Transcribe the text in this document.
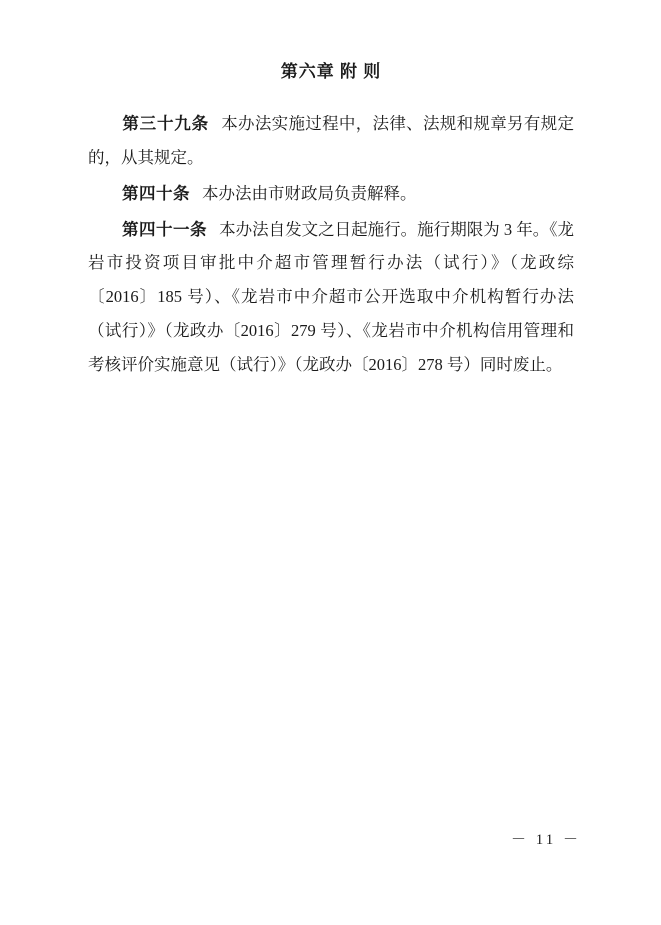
第六章 附 则

第三十九条 本办法实施过程中，法律、法规和规章另有规定的，从其规定。

第四十条 本办法由市财政局负责解释。

第四十一条 本办法自发文之日起施行。施行期限为 3 年。《龙岩市投资项目审批中介超市管理暂行办法（试行）》（龙政综〔2016〕185 号）、《龙岩市中介超市公开选取中介机构暂行办法（试行）》（龙政办〔2016〕279 号）、《龙岩市中介机构信用管理和考核评价实施意见（试行）》（龙政办〔2016〕278 号）同时废止。

－ 11 －
